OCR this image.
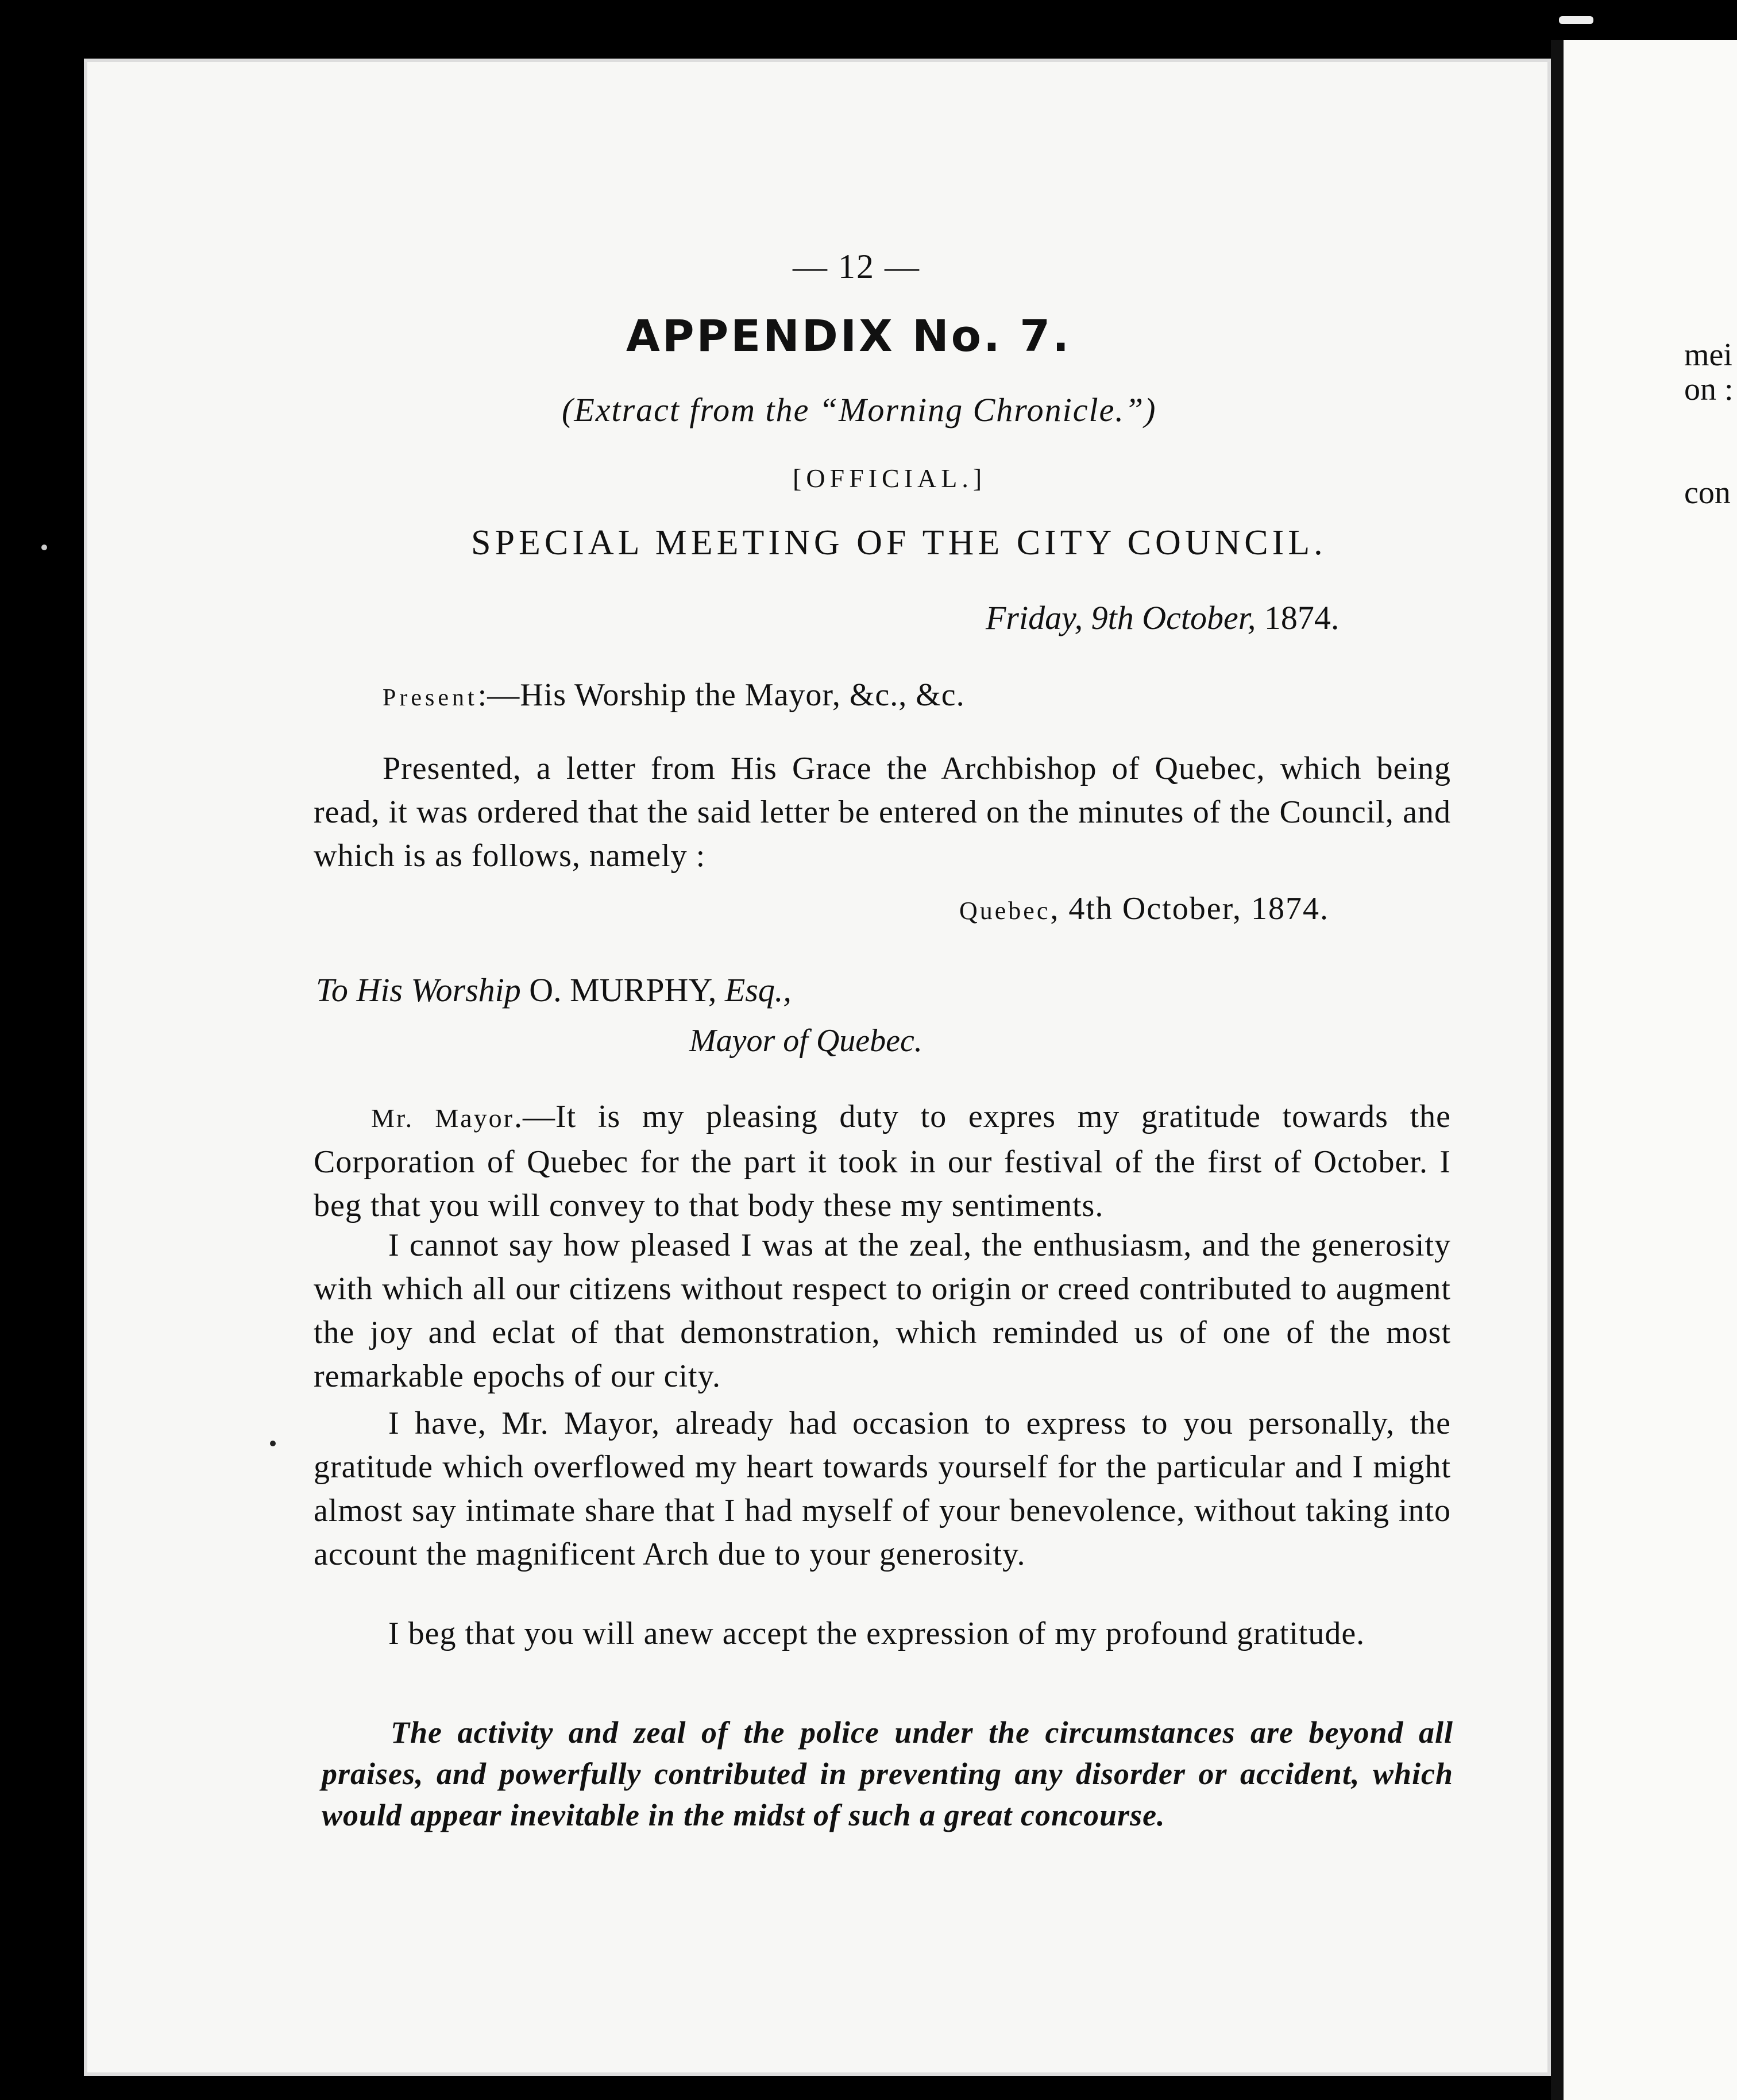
mei
on :
con
— 12 —
APPENDIX No. 7.
(Extract from the “Morning Chronicle.”)
[OFFICIAL.]
SPECIAL MEETING OF THE CITY COUNCIL.
Friday, 9th October, 1874.
Present:—His Worship the Mayor, &c., &c.
Presented, a letter from His Grace the Archbishop of Quebec, which being read, it was ordered that the said letter be entered on the minutes of the Council, and which is as follows, namely :
Quebec, 4th October, 1874.
To His Worship O. MURPHY, Esq.,
Mayor of Quebec.
Mr. Mayor.—It is my pleasing duty to expres my gratitude towards the Corporation of Quebec for the part it took in our festival of the first of October. I beg that you will convey to that body these my sentiments.
I cannot say how pleased I was at the zeal, the enthusiasm, and the generosity with which all our citizens without respect to origin or creed contributed to augment the joy and eclat of that demonstration, which reminded us of one of the most remarkable epochs of our city.
I have, Mr. Mayor, already had occasion to express to you personally, the gratitude which overflowed my heart towards yourself for the particular and I might almost say intimate share that I had myself of your benevolence, without taking into account the magnificent Arch due to your generosity.
I beg that you will anew accept the expression of my profound gratitude.
The activity and zeal of the police under the circumstances are beyond all praises, and powerfully contributed in preventing any disorder or accident, which would appear inevitable in the midst of such a great concourse.
